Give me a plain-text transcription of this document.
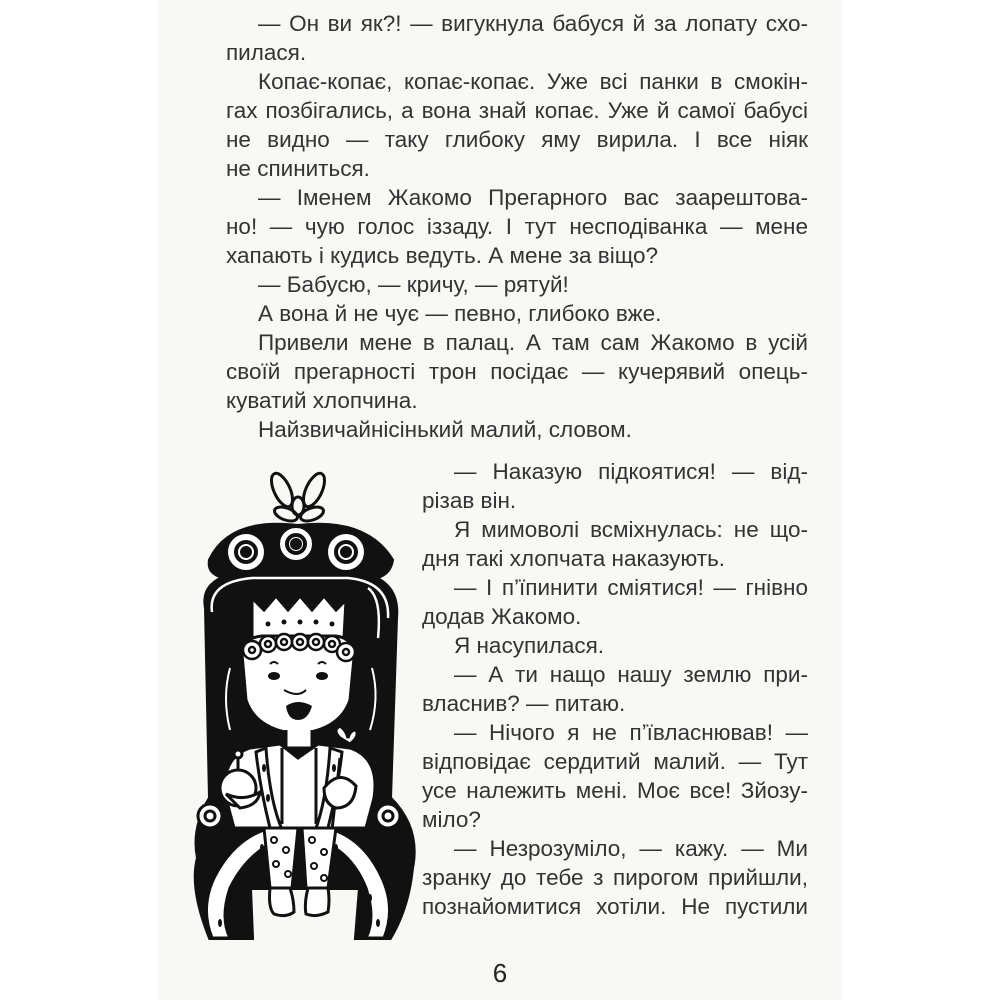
— Он ви як?! — вигукнула бабуся й за лопату схо-
пилася.
Копає-копає, копає-копає. Уже всі панки в смокін-
гах позбігались, а вона знай копає. Уже й самої бабусі
не видно — таку глибоку яму вирила. І все ніяк
не спиниться.
— Іменем Жакомо Прегарного вас заарештова-
но! — чую голос іззаду. І тут несподіванка — мене
хапають і кудись ведуть. А мене за віщо?
— Бабусю, — кричу, — рятуй!
А вона й не чує — певно, глибоко вже.
Привели мене в палац. А там сам Жакомо в усій
своїй прегарності трон посідає — кучерявий опець-
куватий хлопчина.
Найзвичайнісінький малий, словом.
— Наказую підкоятися! — від-
різав він.
Я мимоволі всміхнулась: не що-
дня такі хлопчата наказують.
— І п’їпинити сміятися! — гнівно
додав Жакомо.
Я насупилася.
— А ти нащо нашу землю при-
власнив? — питаю.
— Нічого я не п’ївласнював! —
відповідає сердитий малий. — Тут
усе належить мені. Моє все! Зйозу-
міло?
— Незрозуміло, — кажу. — Ми
зранку до тебе з пирогом прийшли,
познайомитися хотіли. Не пустили
6
